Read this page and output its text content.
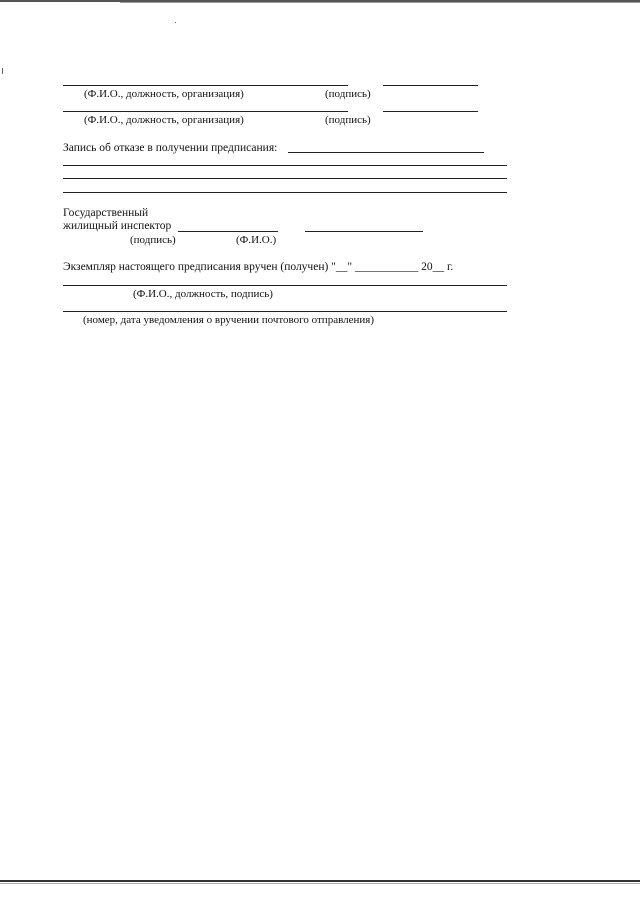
(Ф.И.О., должность, организация)	(подпись)
(Ф.И.О., должность, организация)	(подпись)
Запись об отказе в получении предписания:
Государственный
жилищный инспектор
(подпись)	(Ф.И.О.)
Экземпляр настоящего предписания вручен (получен) "__" ___________ 20__ г.
(Ф.И.О., должность, подпись)
(номер, дата уведомления о вручении почтового отправления)
